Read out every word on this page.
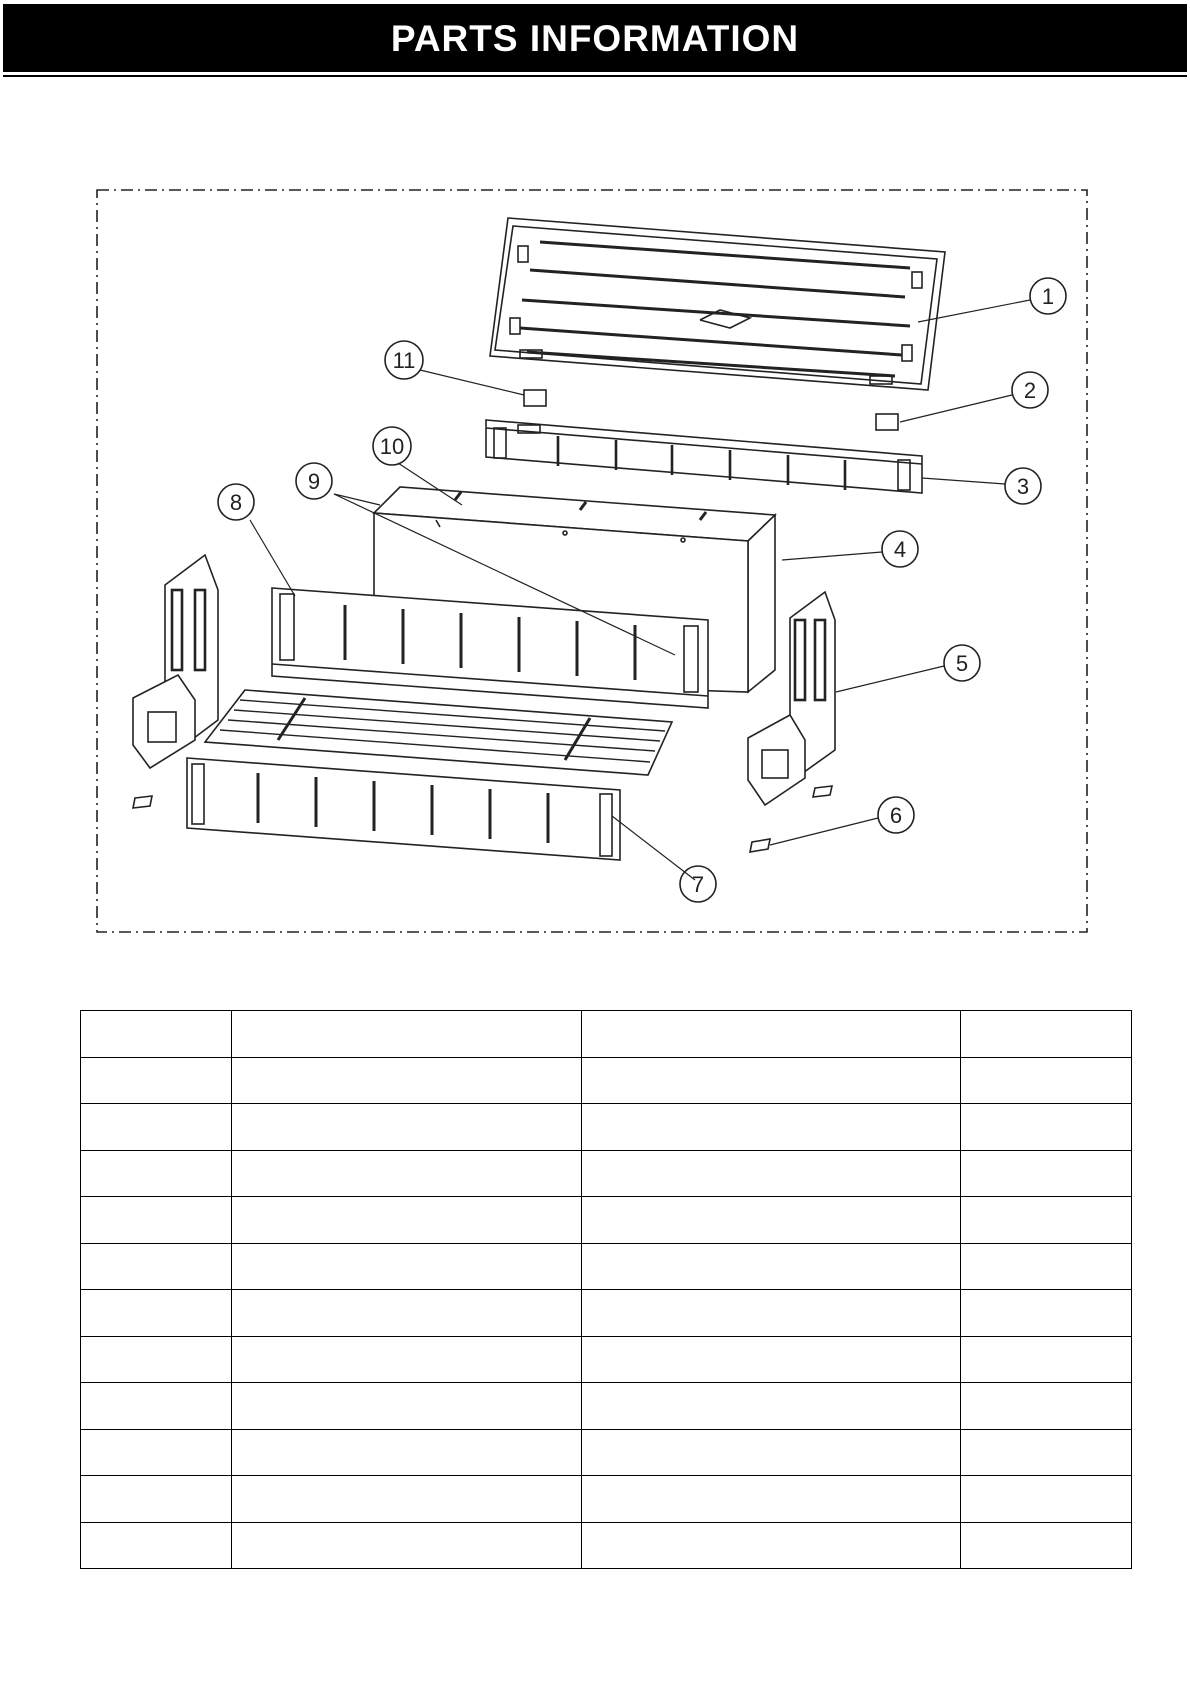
PARTS INFORMATION
1
2
3
4
5
6
7
8
9
10
11
